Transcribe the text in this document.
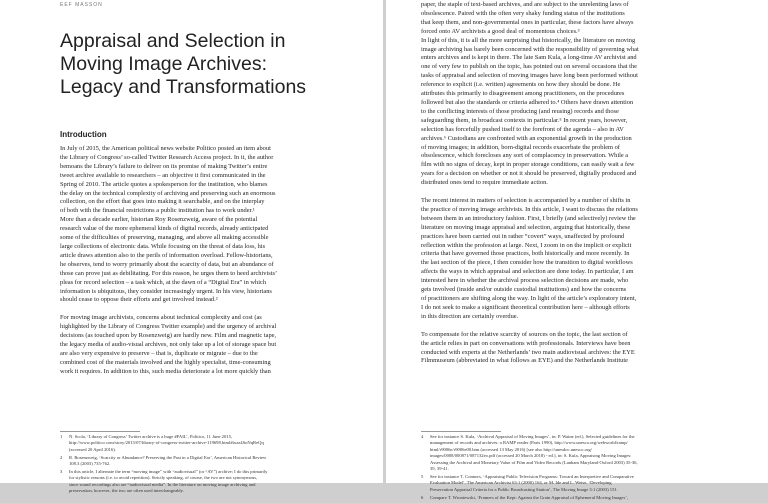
EEF MASSON
Appraisal and Selection in
Moving Image Archives:
Legacy and Transformations
Introduction

In July of 2015, the American political news website Politico posted an item about
the Library of Congress’ so-called Twitter Research Access project. In it, the author
bemoans the Library’s failure to deliver on its promise of making Twitter’s entire
tweet archive available to researchers – an objective it first communicated in the
Spring of 2010. The article quotes a spokesperson for the institution, who blames
the delay on the technical complexity of archiving and preserving such an enormous
collection, on the effort that goes into making it searchable, and on the interplay
of both with the financial restrictions a public institution has to work under.¹

More than a decade earlier, historian Roy Rosenzweig, aware of the potential
research value of the more ephemeral kinds of digital records, already anticipated
some of the difficulties of preserving, managing, and above all making accessible
large collections of electronic data. While focusing on the threat of data loss, his
article draws attention also to the perils of information overload. Fellow-historians,
he observes, tend to worry primarily about the scarcity of data, but an abundance of
those can prove just as debilitating. For this reason, he urges them to heed archivists’
pleas for record selection – a task which, at the dawn of a “Digital Era” in which
information is ubiquitous, they consider increasingly urgent. In his view, historians
should cease to oppose their efforts and get involved instead.²

For moving image archivists, concerns about technical complexity and cost (as
highlighted by the Library of Congress Twitter example) and the urgency of archival
decisions (as touched upon by Rosenzweig) are hardly new. Film and magnetic tape,
the legacy media of audio-visual archives, not only take up a lot of storage space but
are also very expensive to preserve – that is, duplicate or migrate – due to the
combined cost of the materials involved and the highly specialist, time-consuming
work it requires. In addition to this, such media deteriorate a lot more quickly than

1 N. Scola, ‘Library of Congress’ Twitter archive is a huge #FAIL’, Politico, 11 June 2015,
http://www.politico.com/story/2015/07/library-of-congress-twitter-archive-119698.html#ixzz4SoNqReQq
(accessed 20 April 2016).
2 R. Rosenzweig, ‘Scarcity or Abundance? Preserving the Past in a Digital Era’, American Historical Review
108.3 (2003) 735-762.
3 In this article, I alternate the term “moving image” with “audiovisual” (or “AV”) archive; I do this primarily
for stylistic reasons (i.e. to avoid repetition). Strictly speaking, of course, the two are not synonymous,
since sound recordings also are “audiovisual media”. In the literature on moving image archiving and
preservation, however, the two are often used interchangeably.

paper, the staple of text-based archives, and are subject to the unrelenting laws of
obsolescence. Paired with the often very shaky funding status of the institutions
that keep them, and non-governmental ones in particular, these factors have always
forced onto AV archivists a good deal of momentous choices.³

In light of this, it is all the more surprising that historically, the literature on moving
image archiving has barely been concerned with the responsibility of governing what
enters archives and is kept in there. The late Sam Kula, a long-time AV archivist and
one of very few to publish on the topic, has pointed out on several occasions that the
tasks of appraisal and selection of moving images have long been performed without
reference to explicit (i.e. written) agreements on how they should be done. He
attributes this primarily to disagreement among practitioners, on the procedures
followed but also the standards or criteria adhered to.⁴ Others have drawn attention
to the conflicting interests of those producing (and reusing) records and those
safeguarding them, in broadcast contexts in particular.⁵ In recent years, however,
selection has forcefully pushed itself to the forefront of the agenda – also in AV
archives.⁶ Custodians are confronted with an exponential growth in the production
of moving images; in addition, born-digital records exacerbate the problem of
obsolescence, which forecloses any sort of complacency in preservation. While a
film with no signs of decay, kept in proper storage conditions, can easily wait a few
years for a decision on whether or not it should be preserved, digitally produced and
distributed ones tend to require immediate action.

The recent interest in matters of selection is accompanied by a number of shifts in
the practice of moving image archivists. In this article, I want to discuss the relations
between them in an introductory fashion. First, I briefly (and selectively) review the
literature on moving image appraisal and selection, arguing that historically, these
practices have been carried out in rather “covert” ways, unaffected by profound
reflection within the profession at large. Next, I zoom in on the implicit or explicit
criteria that have governed those practices, both historically and more recently. In
the last section of the piece, I then consider how the transition to digital workflows
affects the ways in which appraisal and selection are done today. In particular, I am
interested here in whether the archival process selection decisions are made, who
gets involved (inside and/or outside custodial institutions) and how the concerns
of practitioners are shifting along the way. In light of the article’s exploratory intent,
I do not seek to make a significant theoretical contribution here – although efforts
in this direction are certainly overdue.

To compensate for the relative scarcity of sources on the topic, the last section of
the article relies in part on conversations with professionals. Interviews have been
conducted with experts at the Netherlands’ two main audiovisual archives: the EYE
Filmmuseum (abbreviated in what follows as EYE) and the Netherlands Institute

4 See for instance S. Kula, ‘Archival Appraisal of Moving Images’, in: P. Waine (ed.), Selected guidelines for the
management of records and archives: a RAMP reader (Paris 1990), http://www.unesco.org/webworld/ramp/
html/r9006e/r9006e00.htm (accessed 13 May 2016) [see also http://unesdoc.unesco.org/
images/0008/000871/087132eo.pdf (accessed 20 March 2018) - ed.], in: S. Kula, Appraising Moving Images:
Assessing the Archival and Monetary Value of Film and Video Records (Lanham Maryland-Oxford 2003) 35-36,
39, 39-41.
5 See for instance T. Connors, ‘Appraising Public Television Programs: Toward an Interpretive and Comparative
Evaluation Model’, The American Archivist 63:1 (2000) 164, or M. Ide and L. Weise, ‘Developing
Preservation Appraisal Criteria for a Public Broadcasting Station’, The Moving Image 3:1 (2003) 151.
6 Compare T. Wroniewski, ‘Framers of the Kept: Against the Grain Appraisal of Ephemeral Moving Images’,
